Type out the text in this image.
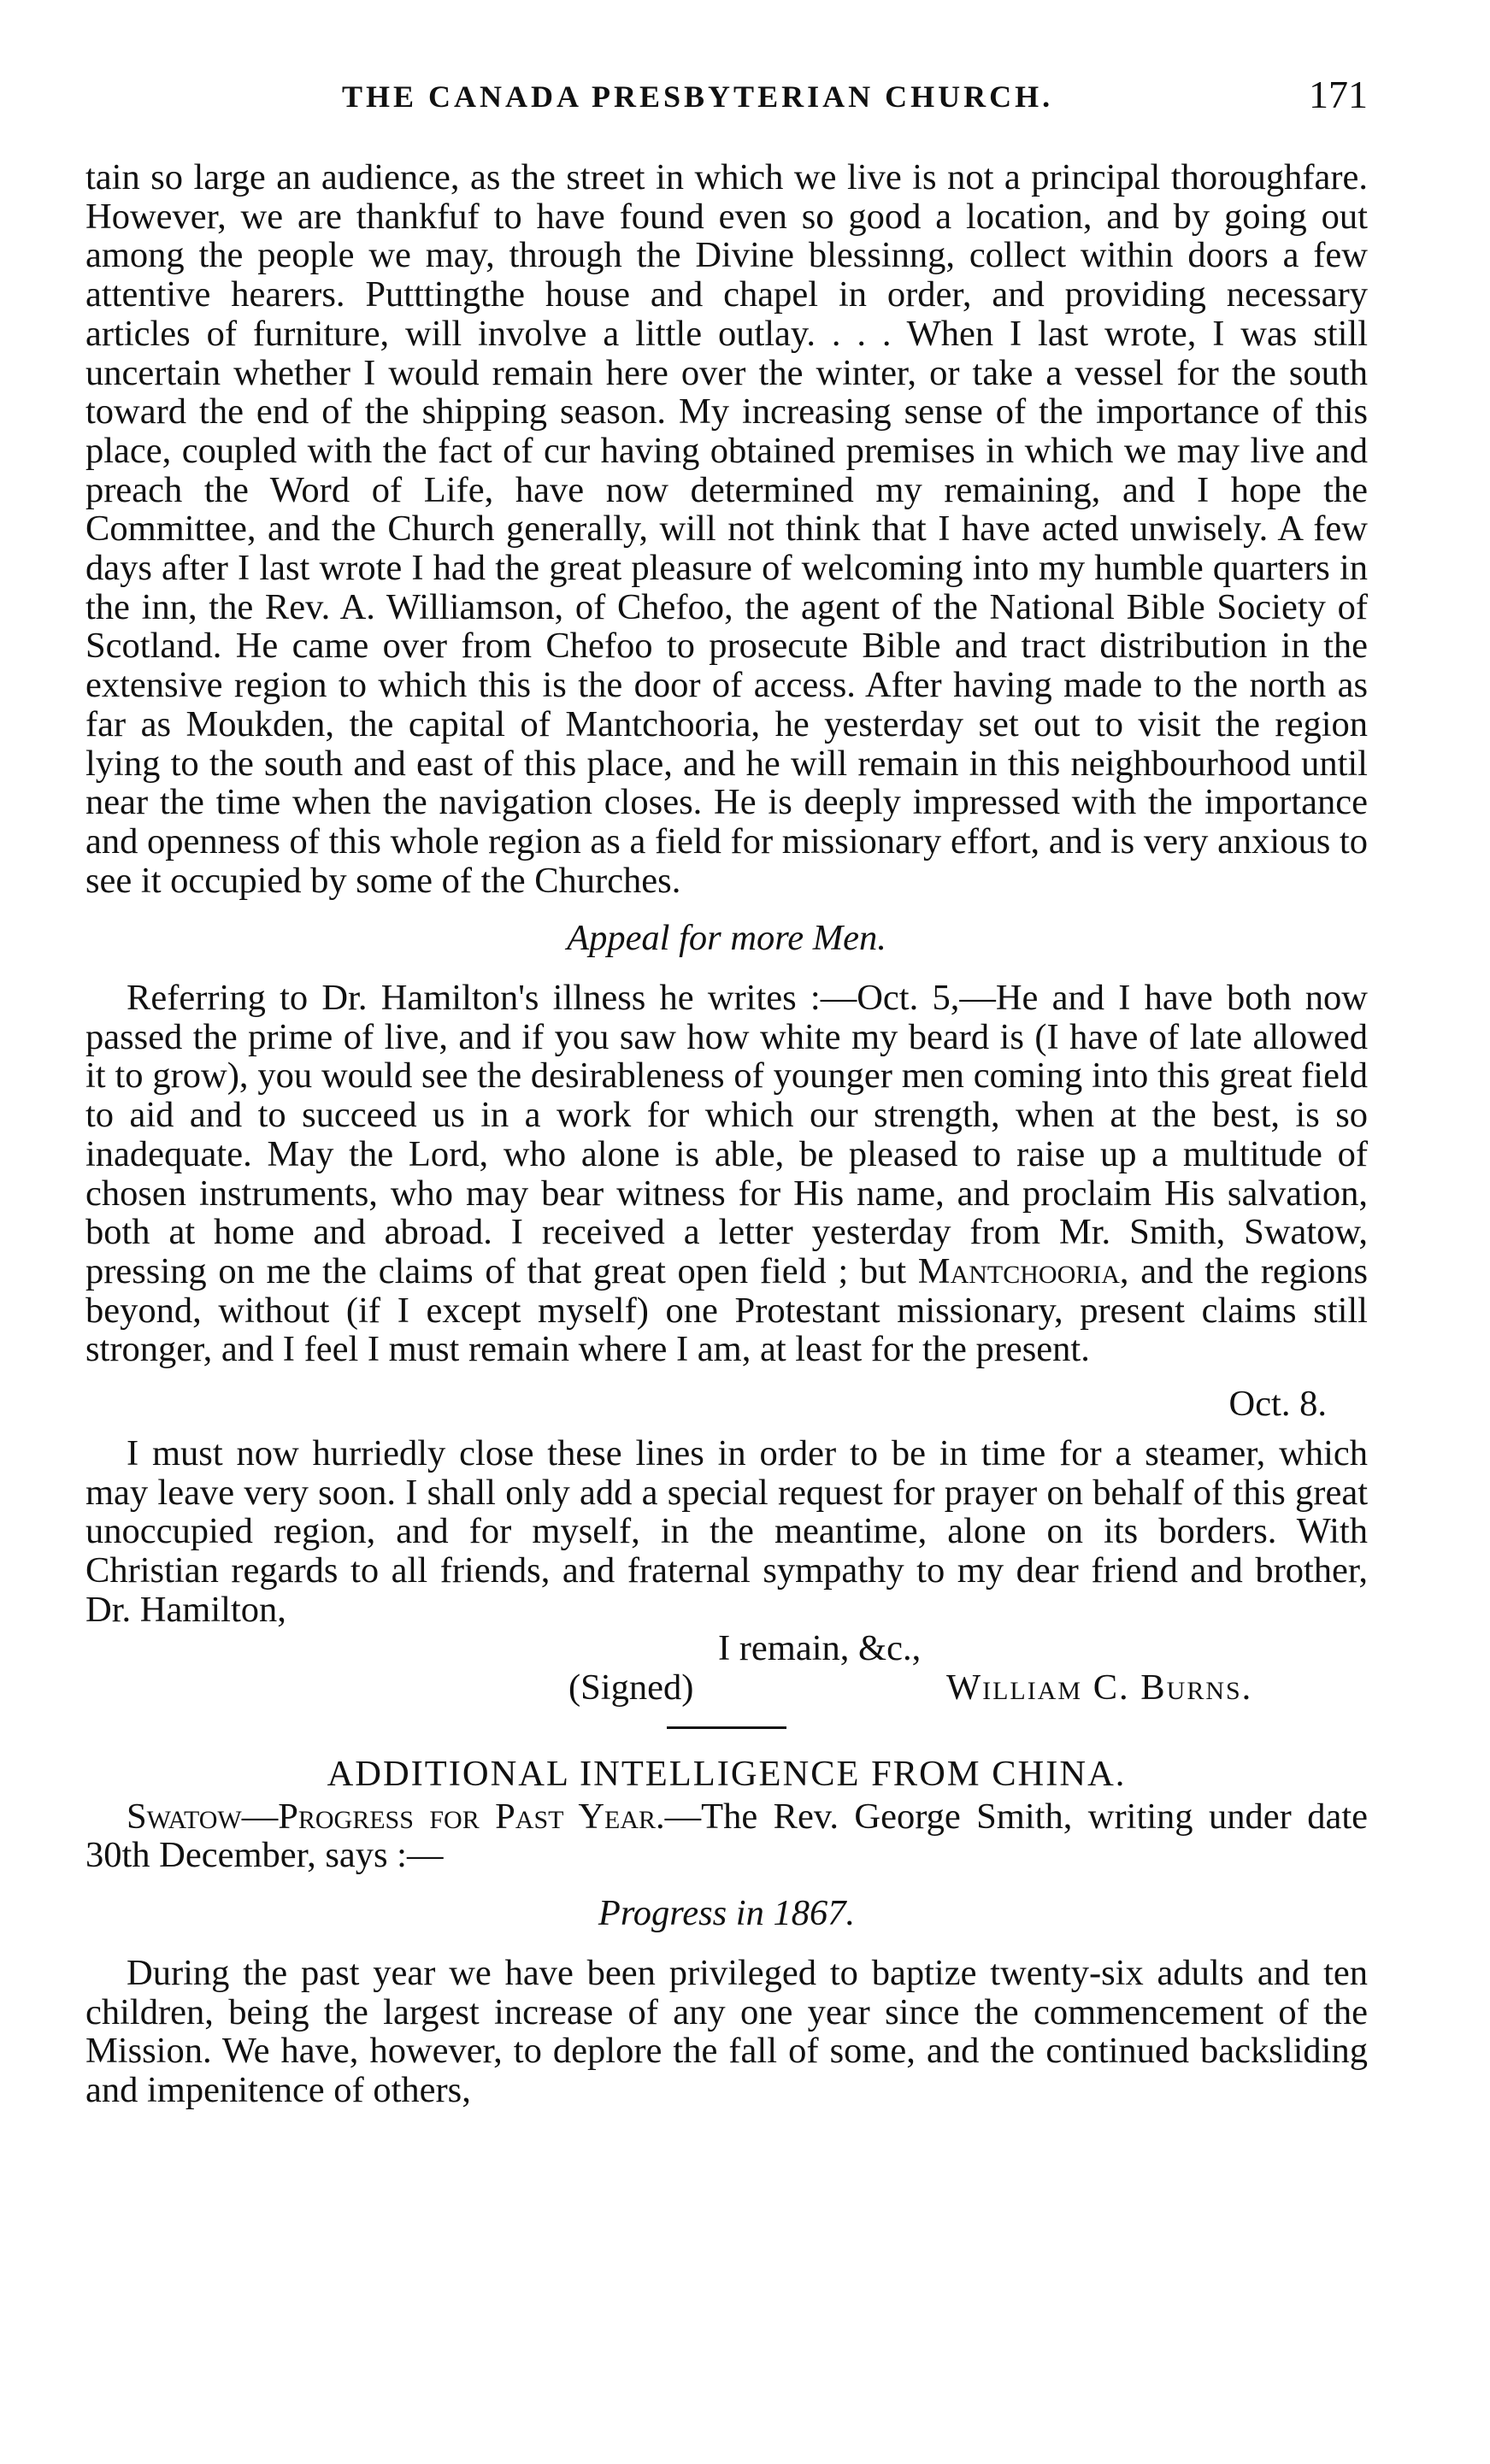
THE CANADA PRESBYTERIAN CHURCH.	171

tain so large an audience, as the street in which we live is not a principal thoroughfare. However, we are thankfuf to have found even so good a location, and by going out among the people we may, through the Divine blessinng, collect within doors a few attentive hearers. Putttingthe house and chapel in order, and providing necessary articles of furniture, will involve a little outlay. . . . When I last wrote, I was still uncertain whether I would remain here over the winter, or take a vessel for the south toward the end of the shipping season. My increasing sense of the importance of this place, coupled with the fact of cur having obtained premises in which we may live and preach the Word of Life, have now determined my remaining, and I hope the Committee, and the Church generally, will not think that I have acted unwisely. A few days after I last wrote I had the great pleasure of welcoming into my humble quarters in the inn, the Rev. A. Williamson, of Chefoo, the agent of the National Bible Society of Scotland. He came over from Chefoo to prosecute Bible and tract distribution in the extensive region to which this is the door of access. After having made to the north as far as Moukden, the capital of Mantchooria, he yesterday set out to visit the region lying to the south and east of this place, and he will remain in this neighbourhood until near the time when the navigation closes. He is deeply impressed with the importance and openness of this whole region as a field for missionary effort, and is very anxious to see it occupied by some of the Churches.

Appeal for more Men.

Referring to Dr. Hamilton's illness he writes :—Oct. 5,—He and I have both now passed the prime of live, and if you saw how white my beard is (I have of late allowed it to grow), you would see the desirableness of younger men coming into this great field to aid and to succeed us in a work for which our strength, when at the best, is so inadequate. May the Lord, who alone is able, be pleased to raise up a multitude of chosen instruments, who may bear witness for His name, and proclaim His salvation, both at home and abroad. I received a letter yesterday from Mr. Smith, Swatow, pressing on me the claims of that great open field ; but Mantchooria, and the regions beyond, without (if I except myself) one Protestant missionary, present claims still stronger, and I feel I must remain where I am, at least for the present.

Oct. 8.

I must now hurriedly close these lines in order to be in time for a steamer, which may leave very soon. I shall only add a special request for prayer on behalf of this great unoccupied region, and for myself, in the meantime, alone on its borders. With Christian regards to all friends, and fraternal sympathy to my dear friend and brother, Dr. Hamilton,

I remain, &c.,

(Signed)	William C. Burns.
ADDITIONAL INTELLIGENCE FROM CHINA.

Swatow—Progress for Past Year.—The Rev. George Smith, writing under date 30th December, says :—

Progress in 1867.

During the past year we have been privileged to baptize twenty-six adults and ten children, being the largest increase of any one year since the commencement of the Mission. We have, however, to deplore the fall of some, and the continued backsliding and impenitence of others,
